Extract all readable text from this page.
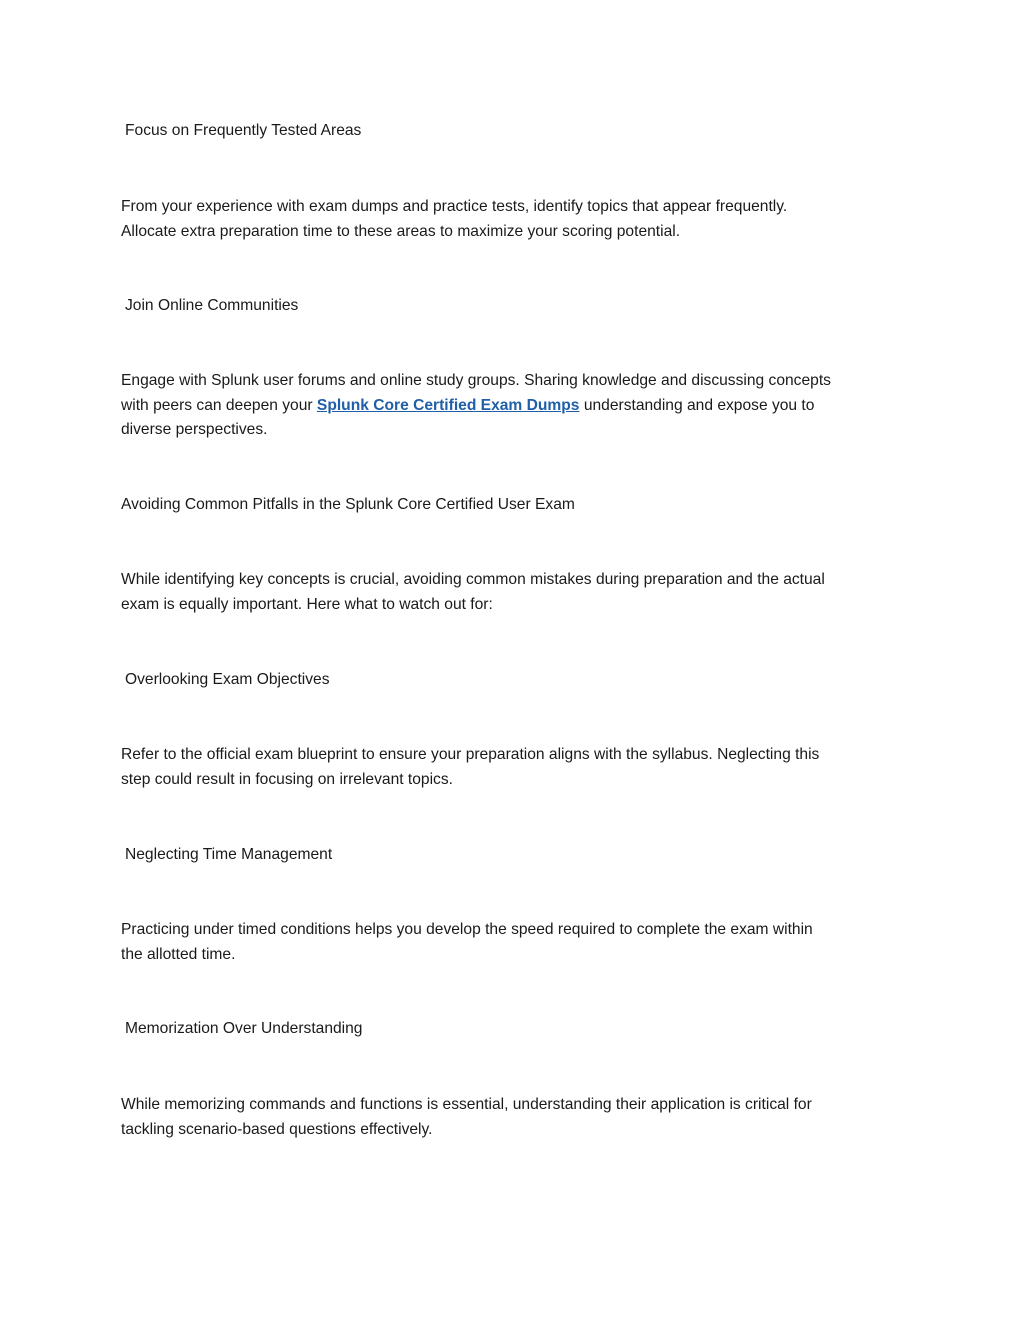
Focus on Frequently Tested Areas

From your experience with exam dumps and practice tests, identify topics that appear frequently.
Allocate extra preparation time to these areas to maximize your scoring potential.

Join Online Communities

Engage with Splunk user forums and online study groups. Sharing knowledge and discussing concepts
with peers can deepen your Splunk Core Certified Exam Dumps understanding and expose you to
diverse perspectives.

Avoiding Common Pitfalls in the Splunk Core Certified User Exam

While identifying key concepts is crucial, avoiding common mistakes during preparation and the actual
exam is equally important. Here what to watch out for:

Overlooking Exam Objectives

Refer to the official exam blueprint to ensure your preparation aligns with the syllabus. Neglecting this
step could result in focusing on irrelevant topics.

Neglecting Time Management

Practicing under timed conditions helps you develop the speed required to complete the exam within
the allotted time.

Memorization Over Understanding

While memorizing commands and functions is essential, understanding their application is critical for
tackling scenario-based questions effectively.
